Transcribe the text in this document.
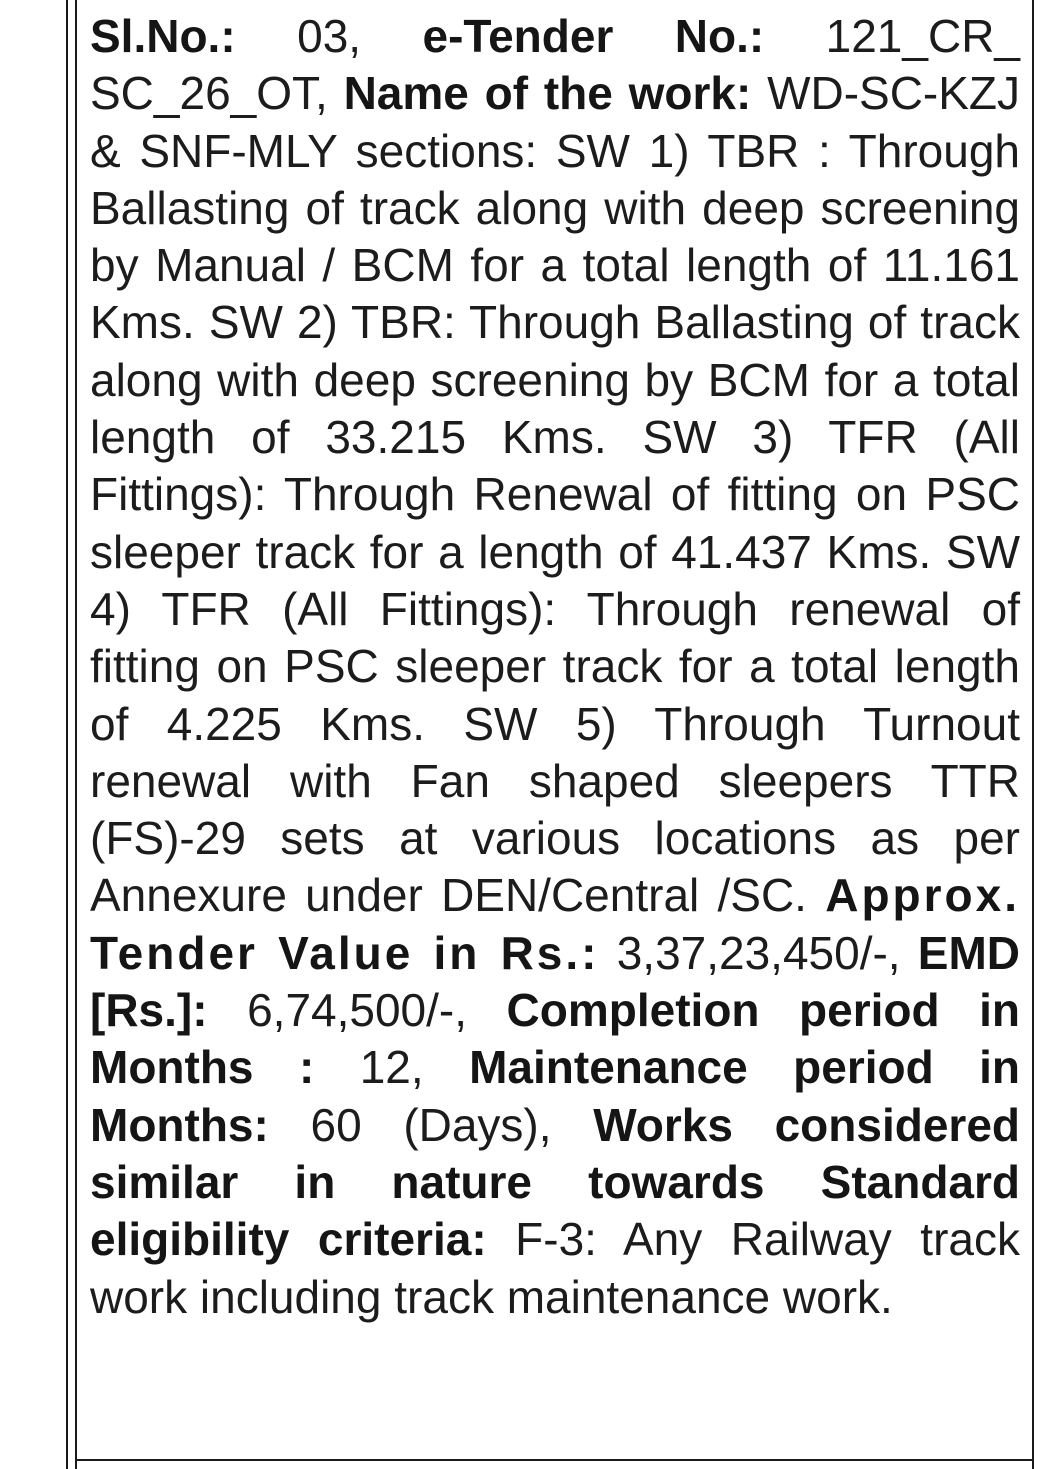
Sl.No.: 03, e-Tender No.: 121_CR_ SC_26_OT, Name of the work: WD-SC-KZJ & SNF-MLY sections: SW 1) TBR : Through Ballasting of track along with deep screening by Manual / BCM for a total length of 11.161 Kms. SW 2) TBR: Through Ballasting of track along with deep screening by BCM for a total length of 33.215 Kms. SW 3) TFR (All Fittings): Through Renewal of fitting on PSC sleeper track for a length of 41.437 Kms. SW 4) TFR (All Fittings): Through renewal of fitting on PSC sleeper track for a total length of 4.225 Kms. SW 5) Through Turnout renewal with Fan shaped sleepers TTR (FS)-29 sets at various locations as per Annexure under DEN/Central /SC. Approx. Tender Value in Rs.: 3,37,23,450/-, EMD [Rs.]: 6,74,500/-, Completion period in Months : 12, Maintenance period in Months: 60 (Days), Works considered similar in nature towards Standard eligibility criteria: F-3: Any Railway track work including track maintenance work.
